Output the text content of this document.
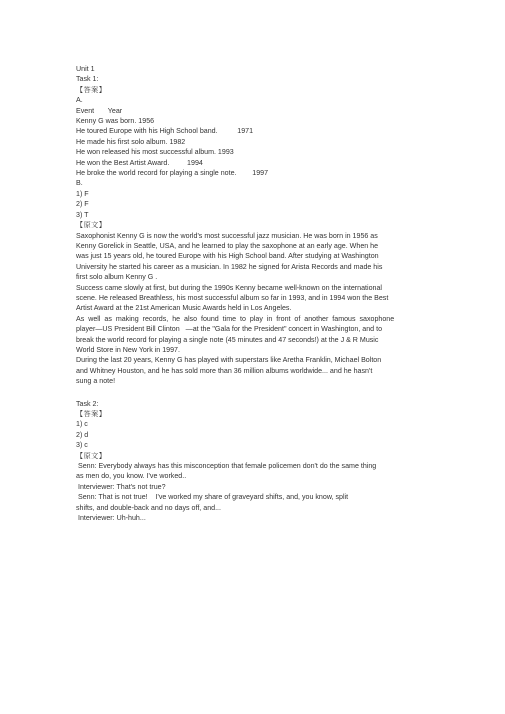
Unit 1
Task 1:
【答案】
A.
Event       Year
Kenny G was born. 1956
He toured Europe with his High School band.          1971
He made his first solo album. 1982
He won released his most successful album. 1993
He won the Best Artist Award.         1994
He broke the world record for playing a single note.        1997
B.
1) F
2) F
3) T
【原文】
Saxophonist Kenny G is now the world's most successful jazz musician. He was born in 1956 as
Kenny Gorelick in Seattle, USA, and he learned to play the saxophone at an early age. When he
was just 15 years old, he toured Europe with his High School band. After studying at Washington
University he started his career as a musician. In 1982 he signed for Arista Records and made his
first solo album Kenny G .
Success came slowly at first, but during the 1990s Kenny became well-known on the international
scene. He released Breathless, his most successful album so far in 1993, and in 1994 won the Best
Artist Award at the 21st American Music Awards held in Los Angeles.
As  well  as  making  records,  he  also  found  time  to  play  in  front  of  another  famous  saxophone
player—US President Bill Clinton   —at the "Gala for the President" concert in Washington, and to
break the world record for playing a single note (45 minutes and 47 seconds!) at the J & R Music
World Store in New York in 1997.
During the last 20 years, Kenny G has played with superstars like Aretha Franklin, Michael Bolton
and Whitney Houston, and he has sold more than 36 million albums worldwide... and he hasn't
sung a note!
Task 2:
【答案】
1) c
2) d
3) c
【原文】
Senn: Everybody always has this misconception that female policemen don't do the same thing
as men do, you know. I've worked..
Interviewer: That's not true?
Senn: That is not true!    I've worked my share of graveyard shifts, and, you know, split
shifts, and double-back and no days off, and...
Interviewer: Uh-huh...
